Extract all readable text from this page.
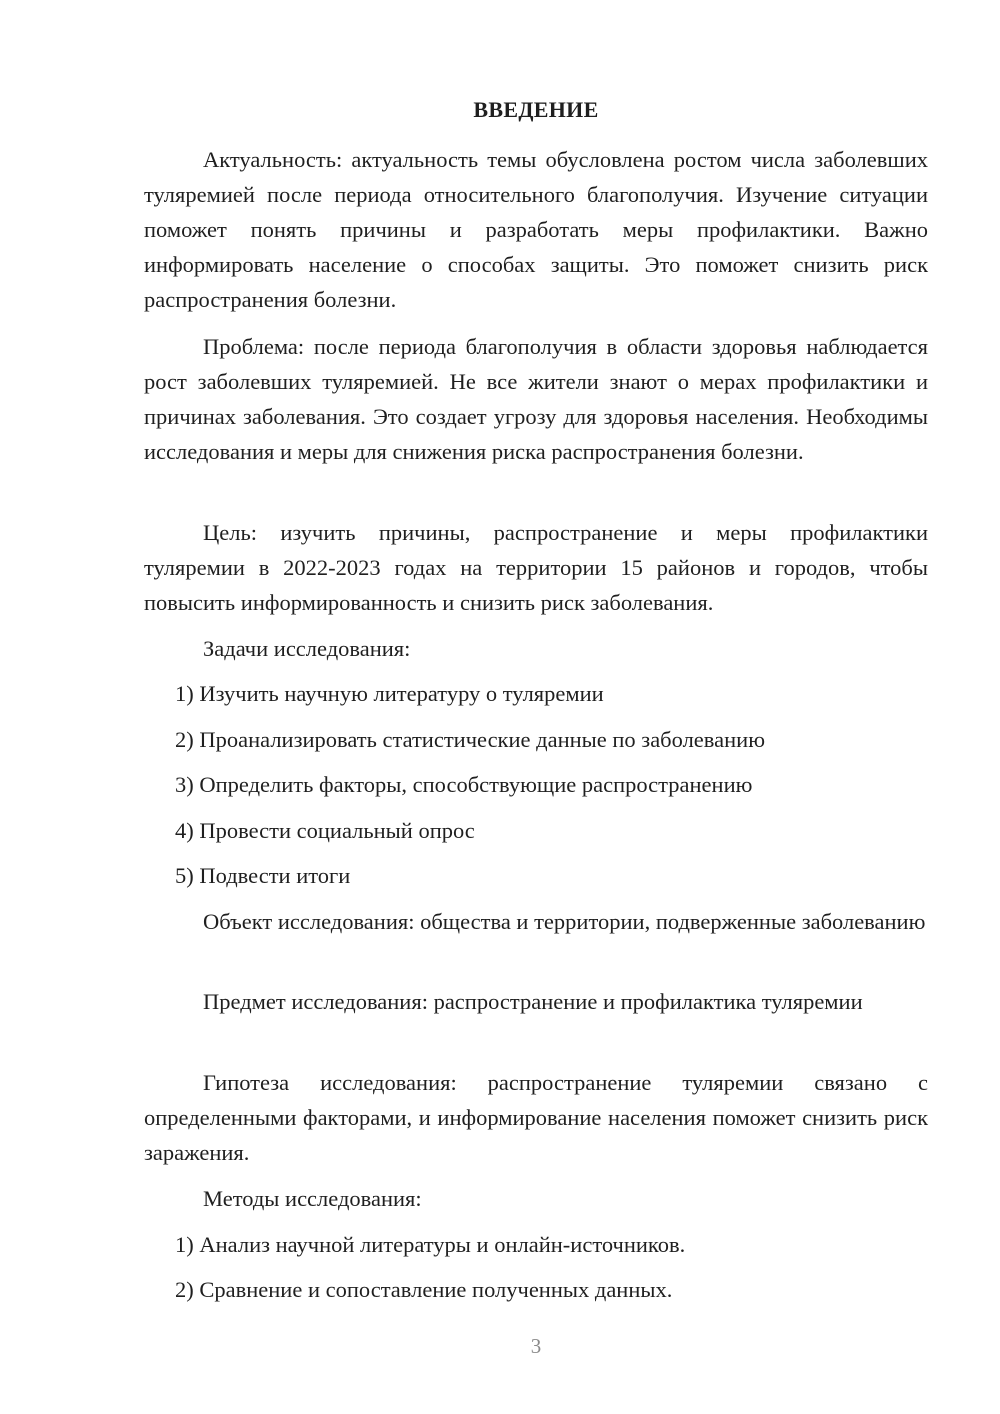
ВВЕДЕНИЕ

Актуальность: актуальность темы обусловлена ростом числа заболевших туляремией после периода относительного благополучия. Изучение ситуации поможет понять причины и разработать меры профилактики. Важно информировать население о способах защиты. Это поможет снизить риск распространения болезни.

Проблема: после периода благополучия в области здоровья наблюдается рост заболевших туляремией. Не все жители знают о мерах профилактики и причинах заболевания. Это создает угрозу для здоровья населения. Необходимы исследования и меры для снижения риска распространения болезни.

Цель: изучить причины, распространение и меры профилактики туляремии в 2022-2023 годах на территории 15 районов и городов, чтобы повысить информированность и снизить риск заболевания.

Задачи исследования:

1) Изучить научную литературу о туляремии

2) Проанализировать статистические данные по заболеванию

3) Определить факторы, способствующие распространению

4) Провести социальный опрос

5) Подвести итоги

Объект исследования: общества и территории, подверженные заболеванию

Предмет исследования: распространение и профилактика туляремии

Гипотеза исследования: распространение туляремии связано с определенными факторами, и информирование населения поможет снизить риск заражения.

Методы исследования:

1) Анализ научной литературы и онлайн-источников.

2) Сравнение и сопоставление полученных данных.

3
